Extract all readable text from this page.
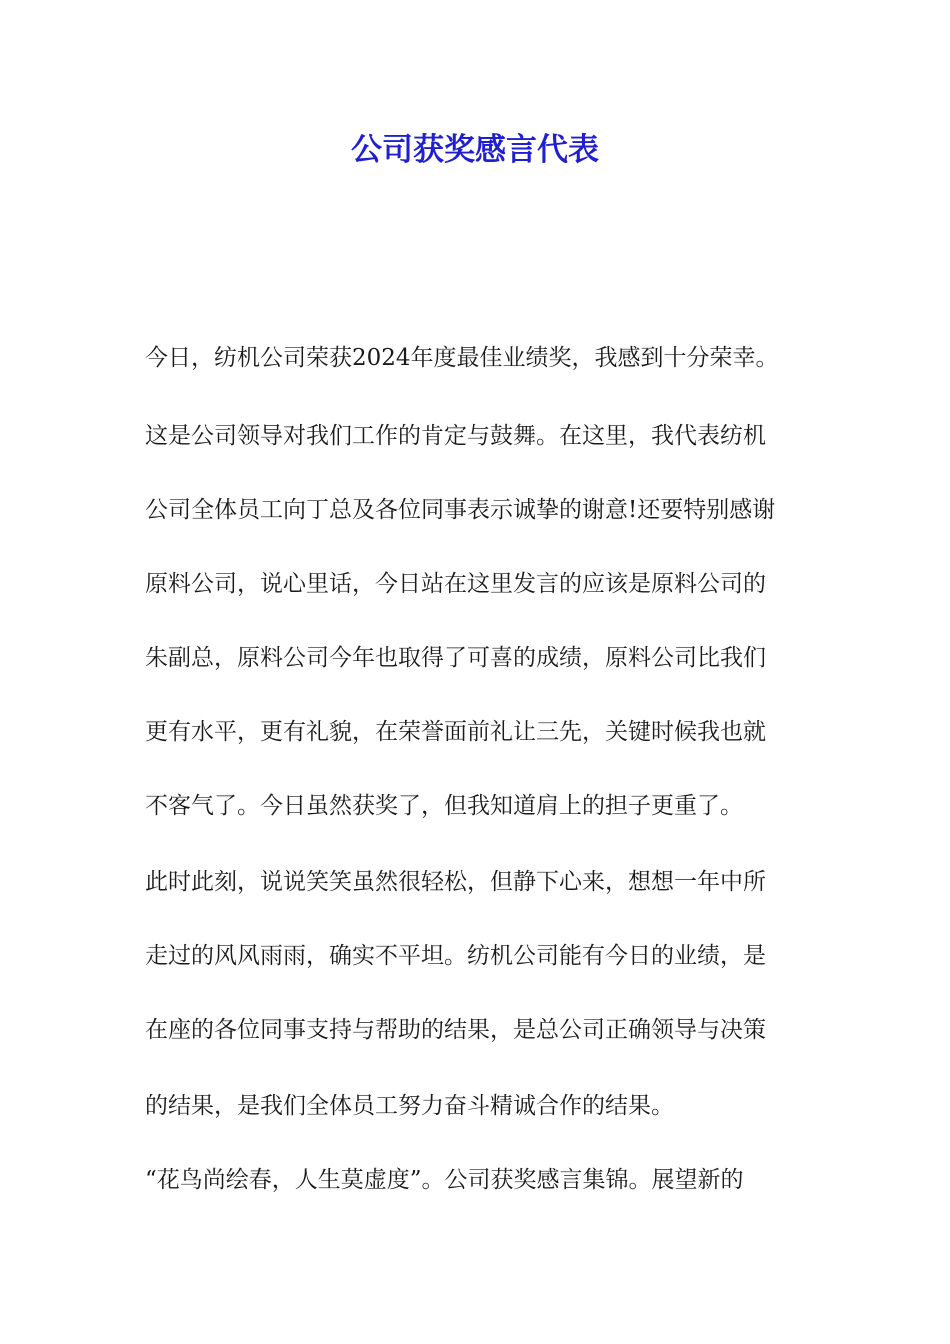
公司获奖感言代表

今日，纺机公司荣获2024年度最佳业绩奖，我感到十分荣幸。

这是公司领导对我们工作的肯定与鼓舞。在这里，我代表纺机

公司全体员工向丁总及各位同事表示诚挚的谢意!还要特别感谢

原料公司，说心里话，今日站在这里发言的应该是原料公司的

朱副总，原料公司今年也取得了可喜的成绩，原料公司比我们

更有水平，更有礼貌，在荣誉面前礼让三先，关键时候我也就

不客气了。今日虽然获奖了，但我知道肩上的担子更重了。

此时此刻，说说笑笑虽然很轻松，但静下心来，想想一年中所

走过的风风雨雨，确实不平坦。纺机公司能有今日的业绩，是

在座的各位同事支持与帮助的结果，是总公司正确领导与决策

的结果，是我们全体员工努力奋斗精诚合作的结果。

“花鸟尚绘春，人生莫虚度”。公司获奖感言集锦。展望新的
